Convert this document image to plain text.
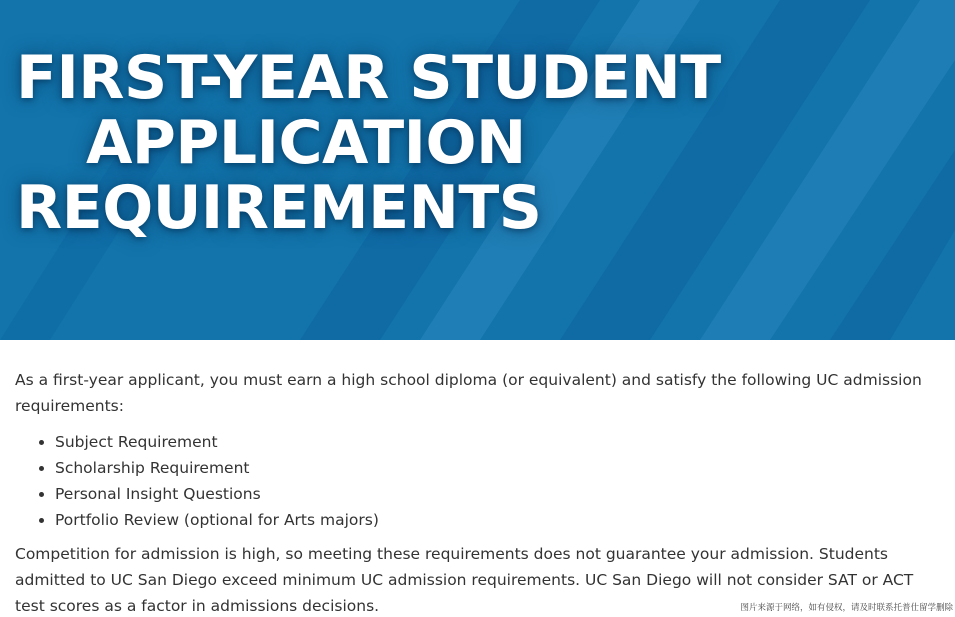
FIRST-YEAR STUDENT
APPLICATION
REQUIREMENTS

As a first-year applicant, you must earn a high school diploma (or equivalent) and satisfy the following UC admission requirements:

• Subject Requirement
• Scholarship Requirement
• Personal Insight Questions
• Portfolio Review (optional for Arts majors)

Competition for admission is high, so meeting these requirements does not guarantee your admission. Students admitted to UC San Diego exceed minimum UC admission requirements. UC San Diego will not consider SAT or ACT test scores as a factor in admissions decisions.	图片来源于网络，如有侵权，请及时联系托普仕留学删除
